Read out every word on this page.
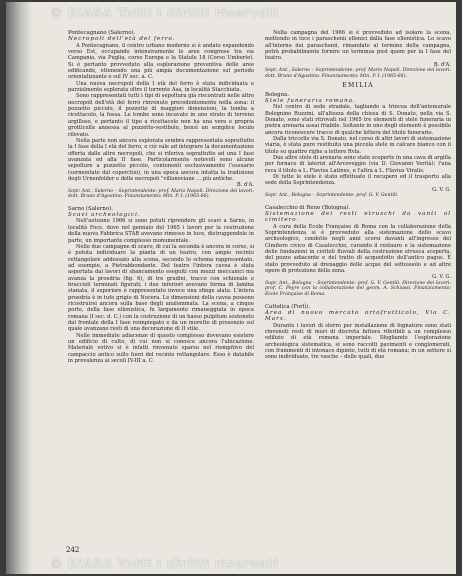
© BiASA Tutti i diritti riservati

Pontecagnano (Salerno).

Necropoli dell'età del ferro.

A Pontecagnano, il centro urbano moderno si è andato espandendo verso Est, occupando intensivamente le aree comprese tra via Campania, via Puglia, corso Europa e la Statale 18 (Corso Umberto). Si è pertanto provveduto alla esplorazione preventiva delle aree edificande, ottenendo una più ampia documentazione sul periodo orientalizzante e sul IV sec. a. C.

Una nuova necropoli della I età del ferro è stata individuata e parzialmente esplorata oltre il torrente Asa, in località Stacchiata.

Sono rappresentati tutti i tipi di sepoltura già riscontrati nelle altre necropoli dell'età del ferro rinvenute precedentemente nella zona: il pozzetto piccolo, il pozzetto di maggiori dimensioni, la tomba a ricettacolo, la fossa. Le tombe sono incavate in uno strato di terreno argilloso, e pertanto il tipo a ricettacolo non ha una vera e propria grotticella annessa al pozzetto-vestibolo, bensì un semplice loculo rilevato.

Nella parte non ancora esplorata sembra rappresentata soprattutto la I fase della I età del ferro, e ciò vale ad integrare la documentazione offerta dalle altre necropoli, che si riferiva soprattutto ad una I fase avanzata ed alla II fase. Particolarmente notevoli sono alcune sepolture a pozzetto piccolo, contenenti esclusivamente l'ossuario (sormontato dal coperchio), in una epoca ancora intatta la tradizione degli Urnenfelder e delle necropoli "villanoviane ... più antiche.

B. d'A.

Sopr. Ant., Salerno – Soprintendente: prof. Mario Napoli. Direzione dei lavori: dott. Bruno d'Agostino. Finanziamento: Min. P. I. (1965-66).

Sarno (Salerno).

Scavi archeologici.

Nell'autunno 1966 si sono potuti riprendere gli scavi a Sarno, in località Foce, dove nel gennaio del 1965 i lavori per la costruzione della nuova Fabbrica STAR avevano rimesso in luce, distruggendole in parte, un importante complesso monumentale.

Nelle due campagne di scavo, di cui la seconda è ancora in corso, si è potuta individuare la pianta di un teatro, con ampio recinto rettangolare addossato alla scena, secondo lo schema rappresentato, ad esempio, a Pietrabbondante. Del teatro l'intera cavea è stata asportata dai lavori di sbancamento eseguiti con mezzi meccanici ma avanza la proedria (fig. 6), di tre gradini, tracce con schienale e braccioli terminati figurati; i due inferiori avevano forma di lamina stanata, il superiore è rappresentato invece una sfinge alata. L'intera proedria è in tufo grigio di Nocera. Le dimensioni della cavea possono ricostruirsi ancora sulla base degli analemmata. La scena, a cinque porte, della fase ellenistica, fu largamente rimaneggiata in epoca romana (I sec. d. C.) con la costruzione di un basso pulpitum sostenuto dal frontale della I fase reimpiegato e da un muretto di prosonzio sul quale avanzano resti di una decorazione di II stile.

Nelle immediate adiacenze di questo complesso dovevano esistere un edificio di culto, di cui non si conosce ancora l'ubicazione. Materiale votivo si è infatti rinvenuto sparso nel riempitivo del campaccio antico sullo fuori del recinto rettangolare. Esso è databile in prevalenza ai secoli IV-III a. C.

Nella campagna del 1966 si è provveduto ad isolare la scena, mettendo in luce i paraschenii ellenici dalla fase ellenistica. Lo scavo all'interno dei paraschenii, rimandato al termine della campagna, potrà probabilmente fornire un terminus post quem per la I fase del teatro.

B. d'A.

Sopr. Ant., Salerno – Soprintendente: prof. Mario Napoli. Direzione dei lavori: dott. Bruno d'Agostino. Finanziamento: Min. P. I. (1965-66).

EMILIA

Bologna.

Stele funeraria romana.

Nel centro di sede stradale, tagliando a trincea dell'antemurale Bolognino Ruzzini, all'altezza della chiesa di S. Donato, nella via S. Donato, sono stati ritrovati nel 1965 tre elementi di stele funeraria in pietra arenaria assai friabile. Soltanto in uno degli elementi è possibile ancora riconoscere tracce di qualche lettera del titolo funerario.

Dalla triccelle via S. Donato, nel corso di altri lavori di sistemazione viaria, è stata pure restituita una piccola stele in calcare bianco con il titolo su quattro righe a lettere Rvla.

Due altre stele di arenaria sono state scoperte in una cava di argilla per fornace di laterizi all'Arcoveggio (via D. Giovanni Verità); l'una reca il titolo a L. Flavius Latinus, e l'altra a L. Flavius Viralis.

Di tutte le stele è stato effettuato il recupero ed il trasporto alla sede della Soprintendenza.

G. V. G.

Sopr. Ant., Bologna – Soprintendente: prof. G. V. Gentili.

Casalecchio di Reno (Bologna).

Sistemazione dei resti etruschi da vanti al cimitero.

A cura della Ecole Française di Roma con la collaborazione della Soprintendenza si è provveduto alla sistemazione dello scavo archeologico, condotto negli anni scorsi davanti all'ingresso del Cimitero civico di Casalecchio, curando il restauro e la sistemazione delle fondazioni in ciottoli fluviali della costruzione etrusca scoperta, del pozzo adiacente e del tratto di acquedotto dell'antico pagus. È stato provveduto al drenaggio delle acque del sottosuolo e ad altre opere di protezione della zona.

G. V. G.

Sopr. Ant., Bologna – Soprintendente: prof. G. V. Gentili. Direzione dei lavori: prof. C. Peyre con la collaborazione del geom. A. Schiassi. Finanziamento: École Française di Roma.

Cattolica (Forlì).

Area di nuovo mercato ortofrutticolo, Via C. Marx.

Durante i lavori di sterro per installazione di fognature sono stati rinvenuti resti di muri di discreta fattura riferibili a un complesso edilizio di età romana imperiale. Sfogliando l'esplorazione archeologica sistematica, si sono raccolti pavimenti e conglomerati, con frammenti di intonaco dipinto, tutti di età romana; in un settore si sono individuate, tre vasche – delle quali, due

242
© BiASA Tutti i diritti riservati
